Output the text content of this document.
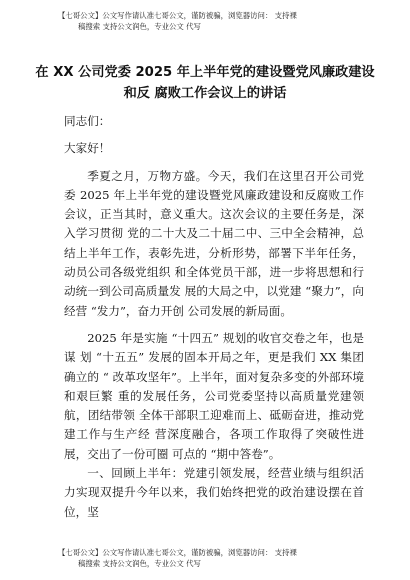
【七哥公文】公文写作请认准七哥公文，谨防被骗，浏览器访问： 支持裸
稿搜索 支持公文润色，专业公文 代写
在 XX 公司党委 2025 年上半年党的建设暨党风廉政建设
和反 腐败工作会议上的讲话

同志们：

大家好！

季夏之月，万物方盛。今天，我们在这里召开公司党委 2025 年上半年党的建设暨党风廉政建设和反腐败工作会议，正当其时，意义重大。这次会议的主要任务是，深入学习贯彻 党的二十大及二十届二中、三中全会精神，总结上半年工作，表彰先进，分析形势，部署下半年任务，动员公司各级党组织 和全体党员干部，进一步将思想和行动统一到公司高质量发 展的大局之中，以党建 “聚力”，向经营 “发力”，奋力开创 公司发展的新局面。

2025 年是实施 “十四五” 规划的收官交卷之年，也是谋 划 “十五五” 发展的固本开局之年，更是我们 XX 集团确立的 “ 改革攻坚年”。上半年，面对复杂多变的外部环境和艰巨繁 重的发展任务，公司党委坚持以高质量党建领航，团结带领 全体干部职工迎难而上、砥砺奋进，推动党建工作与生产经 营深度融合，各项工作取得了突破性进展，交出了一份可圈 可点的 “期中答卷”。

一、回顾上半年：党建引领发展，经营业绩与组织活力实现双提升今年以来，我们始终把党的政治建设摆在首位，坚

【七哥公文】公文写作请认准七哥公文，谨防被骗，浏览器访问： 支持裸
稿搜索 支持公文润色，专业公文 代写
